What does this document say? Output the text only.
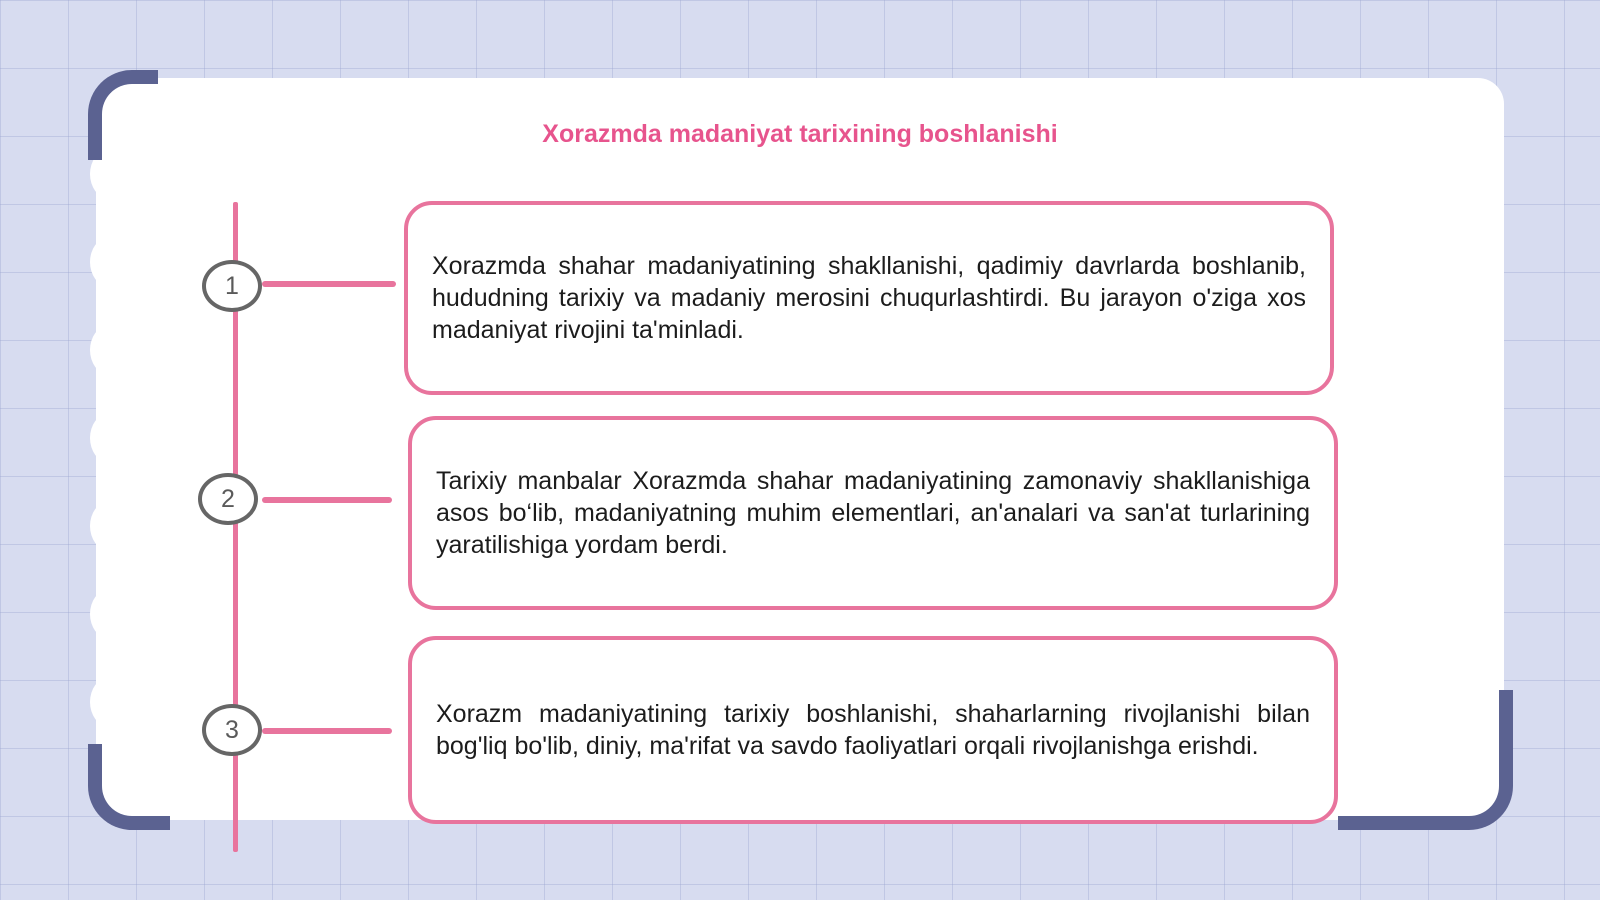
Xorazmda madaniyat tarixining boshlanishi
1
2
3

Xorazmda shahar madaniyatining shakllanishi, qadimiy davrlarda boshlanib, hududning tarixiy va madaniy merosini chuqurlashtirdi. Bu jarayon o'ziga xos madaniyat rivojini ta'minladi.

Tarixiy manbalar Xorazmda shahar madaniyatining zamonaviy shakllanishiga asos bo‘lib, madaniyatning muhim elementlari, an'analari va san'at turlarining yaratilishiga yordam berdi.

Xorazm madaniyatining tarixiy boshlanishi, shaharlarning rivojlanishi bilan bog'liq bo'lib, diniy, ma'rifat va savdo faoliyatlari orqali rivojlanishga erishdi.
